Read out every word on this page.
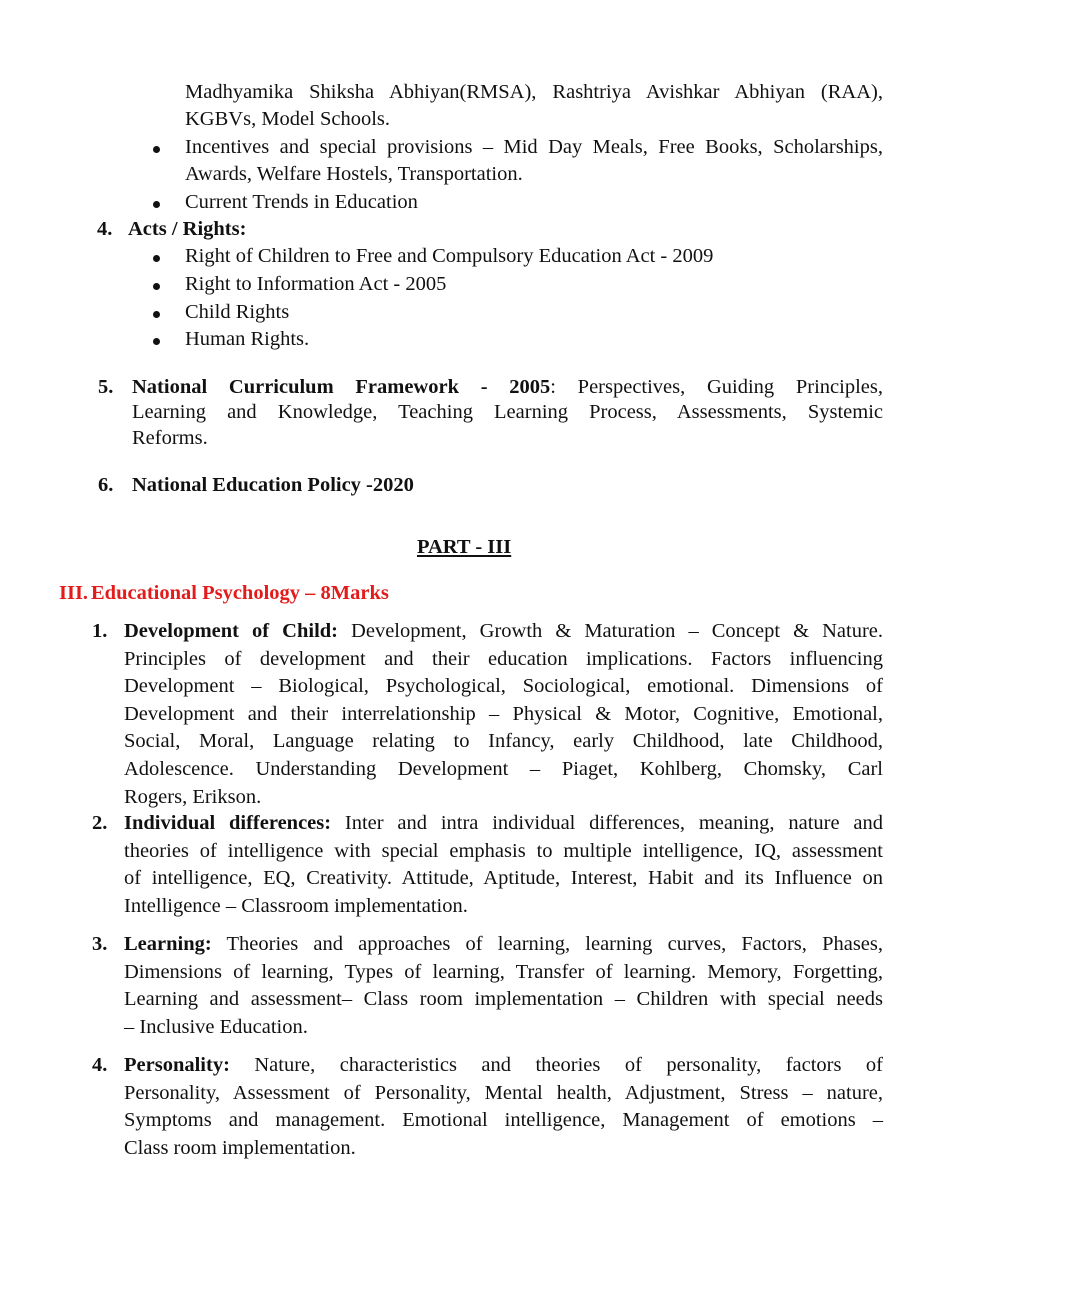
Madhyamika Shiksha Abhiyan(RMSA), Rashtriya Avishkar Abhiyan (RAA),
KGBVs, Model Schools.
Incentives and special provisions – Mid Day Meals, Free Books, Scholarships,
Awards, Welfare Hostels, Transportation.
Current Trends in Education
4. Acts / Rights:
Right of Children to Free and Compulsory Education Act - 2009
Right to Information Act - 2005
Child Rights
Human Rights.
5. National Curriculum Framework - 2005: Perspectives, Guiding Principles,
Learning and Knowledge, Teaching Learning Process, Assessments, Systemic
Reforms.
6. National Education Policy -2020
PART - III
III. Educational Psychology – 8Marks
1. Development of Child: Development, Growth & Maturation – Concept & Nature.
Principles of development and their education implications. Factors influencing
Development – Biological, Psychological, Sociological, emotional. Dimensions of
Development and their interrelationship – Physical & Motor, Cognitive, Emotional,
Social, Moral, Language relating to Infancy, early Childhood, late Childhood,
Adolescence. Understanding Development – Piaget, Kohlberg, Chomsky, Carl
Rogers, Erikson.
2. Individual differences: Inter and intra individual differences, meaning, nature and
theories of intelligence with special emphasis to multiple intelligence, IQ, assessment
of intelligence, EQ, Creativity. Attitude, Aptitude, Interest, Habit and its Influence on
Intelligence – Classroom implementation.
3. Learning: Theories and approaches of learning, learning curves, Factors, Phases,
Dimensions of learning, Types of learning, Transfer of learning. Memory, Forgetting,
Learning and assessment– Class room implementation – Children with special needs
– Inclusive Education.
4. Personality: Nature, characteristics and theories of personality, factors of
Personality, Assessment of Personality, Mental health, Adjustment, Stress – nature,
Symptoms and management. Emotional intelligence, Management of emotions –
Class room implementation.
